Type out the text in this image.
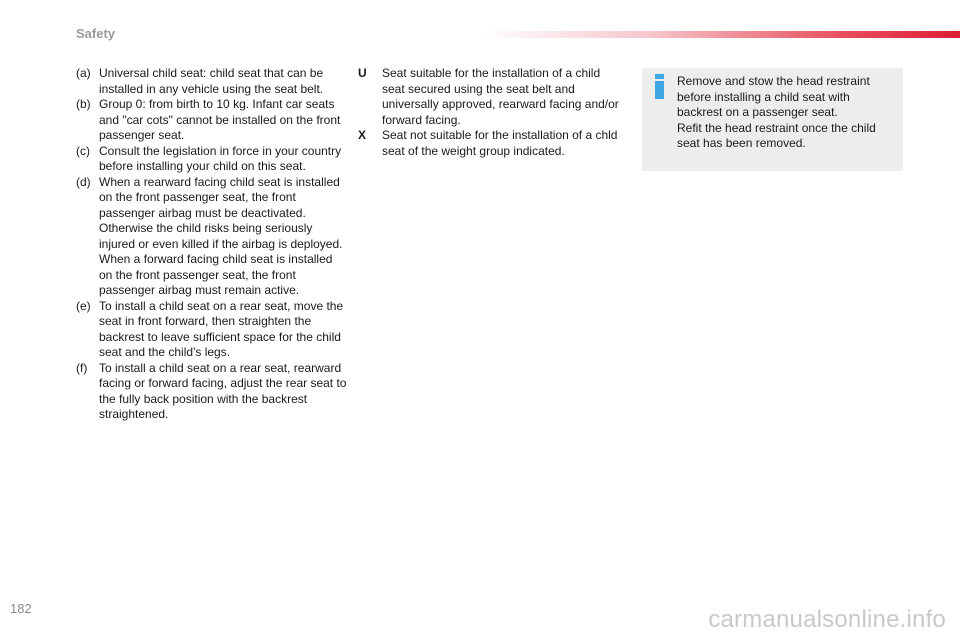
Safety
(a) Universal child seat: child seat that can be installed in any vehicle using the seat belt.
(b) Group 0: from birth to 10 kg. Infant car seats and "car cots" cannot be installed on the front passenger seat.
(c) Consult the legislation in force in your country before installing your child on this seat.
(d) When a rearward facing child seat is installed on the front passenger seat, the front passenger airbag must be deactivated. Otherwise the child risks being seriously injured or even killed if the airbag is deployed.
When a forward facing child seat is installed on the front passenger seat, the front passenger airbag must remain active.
(e) To install a child seat on a rear seat, move the seat in front forward, then straighten the backrest to leave sufficient space for the child seat and the child's legs.
(f) To install a child seat on a rear seat, rearward facing or forward facing, adjust the rear seat to the fully back position with the backrest straightened.
U	Seat suitable for the installation of a child seat secured using the seat belt and universally approved, rearward facing and/or forward facing.
X	Seat not suitable for the installation of a chld seat of the weight group indicated.
Remove and stow the head restraint before installing a child seat with backrest on a passenger seat.
Refit the head restraint once the child seat has been removed.
182	carmanualsonline.info
